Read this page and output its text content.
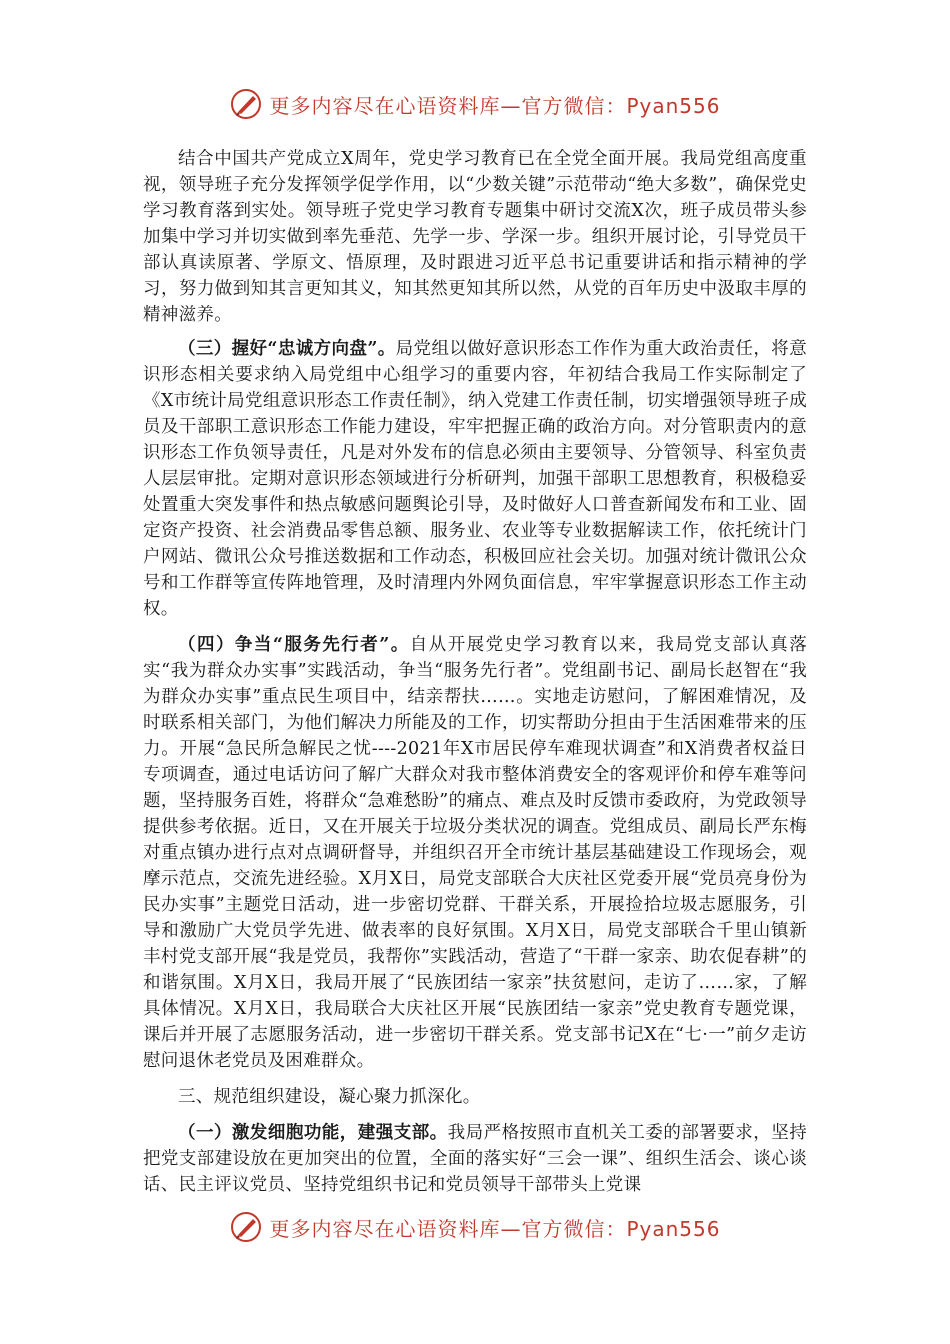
更多内容尽在心语资料库—官方微信：Pyan556

结合中国共产党成立X周年，党史学习教育已在全党全面开展。我局党组高度重视，领导班子充分发挥领学促学作用，以“少数关键”示范带动“绝大多数”，确保党史学习教育落到实处。领导班子党史学习教育专题集中研讨交流X次，班子成员带头参加集中学习并切实做到率先垂范、先学一步、学深一步。组织开展讨论，引导党员干部认真读原著、学原文、悟原理，及时跟进习近平总书记重要讲话和指示精神的学习，努力做到知其言更知其义，知其然更知其所以然，从党的百年历史中汲取丰厚的精神滋养。

（三）握好“忠诚方向盘”。局党组以做好意识形态工作作为重大政治责任，将意识形态相关要求纳入局党组中心组学习的重要内容，年初结合我局工作实际制定了《X市统计局党组意识形态工作责任制》，纳入党建工作责任制，切实增强领导班子成员及干部职工意识形态工作能力建设，牢牢把握正确的政治方向。对分管职责内的意识形态工作负领导责任，凡是对外发布的信息必须由主要领导、分管领导、科室负责人层层审批。定期对意识形态领域进行分析研判，加强干部职工思想教育，积极稳妥处置重大突发事件和热点敏感问题舆论引导，及时做好人口普查新闻发布和工业、固定资产投资、社会消费品零售总额、服务业、农业等专业数据解读工作，依托统计门户网站、微讯公众号推送数据和工作动态，积极回应社会关切。加强对统计微讯公众号和工作群等宣传阵地管理，及时清理内外网负面信息，牢牢掌握意识形态工作主动权。

（四）争当“服务先行者”。自从开展党史学习教育以来，我局党支部认真落实“我为群众办实事”实践活动，争当“服务先行者”。党组副书记、副局长赵智在“我为群众办实事”重点民生项目中，结亲帮扶……。实地走访慰问，了解困难情况，及时联系相关部门，为他们解决力所能及的工作，切实帮助分担由于生活困难带来的压力。开展“急民所急解民之忧----2021年X市居民停车难现状调查”和X消费者权益日专项调查，通过电话访问了解广大群众对我市整体消费安全的客观评价和停车难等问题，坚持服务百姓，将群众“急难愁盼”的痛点、难点及时反馈市委政府，为党政领导提供参考依据。近日，又在开展关于垃圾分类状况的调查。党组成员、副局长严东梅对重点镇办进行点对点调研督导，并组织召开全市统计基层基础建设工作现场会，观摩示范点，交流先进经验。X月X日，局党支部联合大庆社区党委开展“党员亮身份为民办实事”主题党日活动，进一步密切党群、干群关系，开展捡拾垃圾志愿服务，引导和激励广大党员学先进、做表率的良好氛围。X月X日，局党支部联合千里山镇新丰村党支部开展“我是党员，我帮你”实践活动，营造了“干群一家亲、助农促春耕”的和谐氛围。X月X日，我局开展了“民族团结一家亲”扶贫慰问，走访了……家，了解具体情况。X月X日，我局联合大庆社区开展“民族团结一家亲”党史教育专题党课，课后并开展了志愿服务活动，进一步密切干群关系。党支部书记X在“七·一”前夕走访慰问退休老党员及困难群众。

三、规范组织建设，凝心聚力抓深化。

（一）激发细胞功能，建强支部。我局严格按照市直机关工委的部署要求，坚持把党支部建设放在更加突出的位置，全面的落实好“三会一课”、组织生活会、谈心谈话、民主评议党员、坚持党组织书记和党员领导干部带头上党课

更多内容尽在心语资料库—官方微信：Pyan556
